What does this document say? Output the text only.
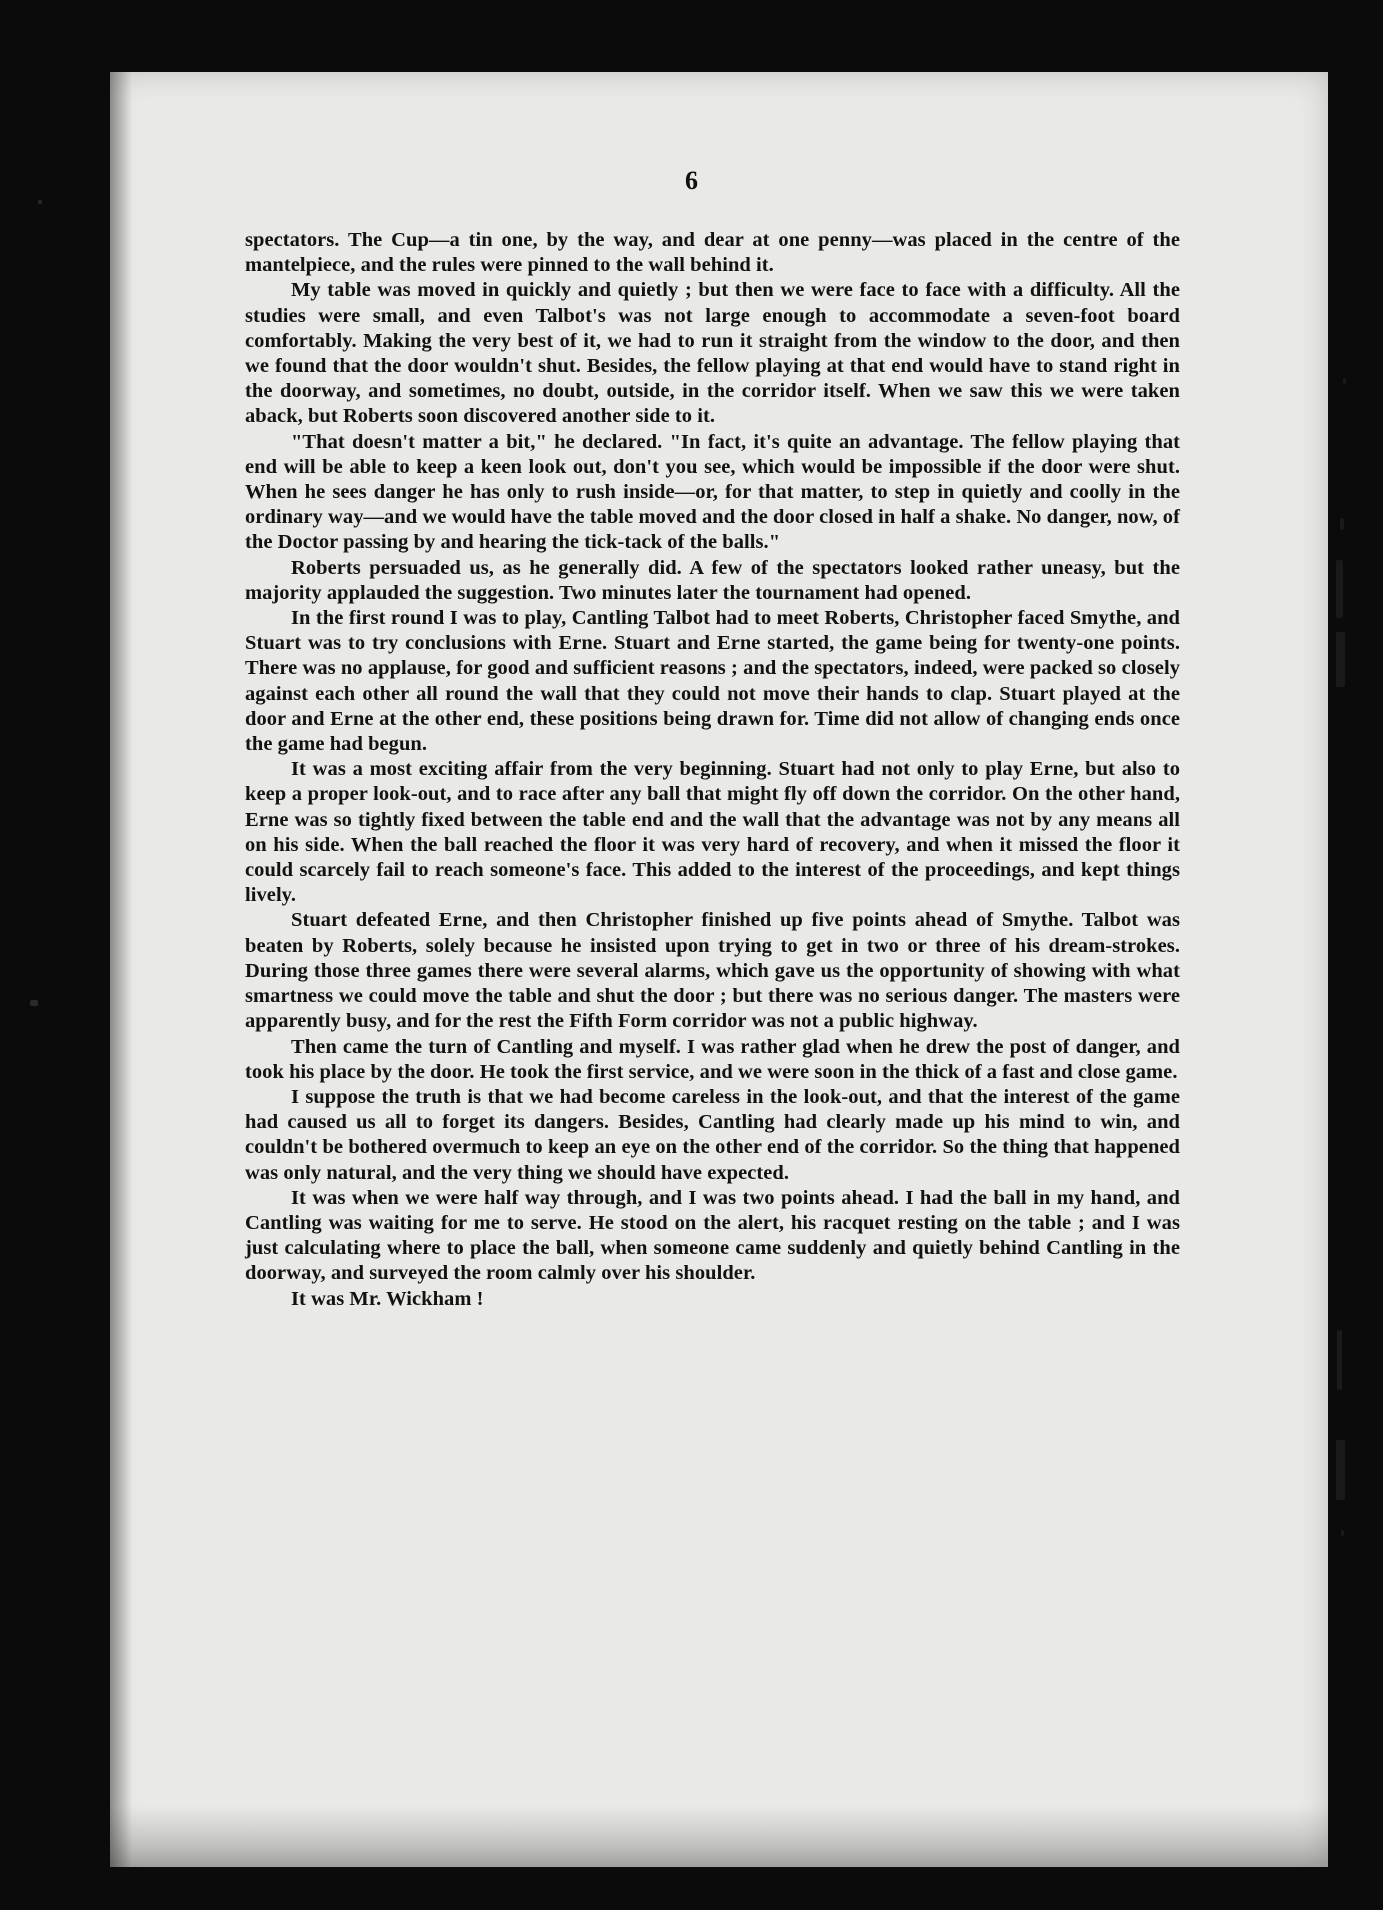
6

spectators. The Cup—a tin one, by the way, and dear at one penny—was placed in the centre of the mantelpiece, and the rules were pinned to the wall behind it.

My table was moved in quickly and quietly ; but then we were face to face with a difficulty. All the studies were small, and even Talbot's was not large enough to accommodate a seven-foot board comfortably. Making the very best of it, we had to run it straight from the window to the door, and then we found that the door wouldn't shut. Besides, the fellow playing at that end would have to stand right in the doorway, and sometimes, no doubt, outside, in the corridor itself. When we saw this we were taken aback, but Roberts soon discovered another side to it.

"That doesn't matter a bit," he declared. "In fact, it's quite an advantage. The fellow playing that end will be able to keep a keen look out, don't you see, which would be impossible if the door were shut. When he sees danger he has only to rush inside—or, for that matter, to step in quietly and coolly in the ordinary way—and we would have the table moved and the door closed in half a shake. No danger, now, of the Doctor passing by and hearing the tick-tack of the balls."

Roberts persuaded us, as he generally did. A few of the spectators looked rather uneasy, but the majority applauded the suggestion. Two minutes later the tournament had opened.

In the first round I was to play, Cantling Talbot had to meet Roberts, Christopher faced Smythe, and Stuart was to try conclusions with Erne. Stuart and Erne started, the game being for twenty-one points. There was no applause, for good and sufficient reasons ; and the spectators, indeed, were packed so closely against each other all round the wall that they could not move their hands to clap. Stuart played at the door and Erne at the other end, these positions being drawn for. Time did not allow of changing ends once the game had begun.

It was a most exciting affair from the very beginning. Stuart had not only to play Erne, but also to keep a proper look-out, and to race after any ball that might fly off down the corridor. On the other hand, Erne was so tightly fixed between the table end and the wall that the advantage was not by any means all on his side. When the ball reached the floor it was very hard of recovery, and when it missed the floor it could scarcely fail to reach someone's face. This added to the interest of the proceedings, and kept things lively.

Stuart defeated Erne, and then Christopher finished up five points ahead of Smythe. Talbot was beaten by Roberts, solely because he insisted upon trying to get in two or three of his dream-strokes. During those three games there were several alarms, which gave us the opportunity of showing with what smartness we could move the table and shut the door ; but there was no serious danger. The masters were apparently busy, and for the rest the Fifth Form corridor was not a public highway.

Then came the turn of Cantling and myself. I was rather glad when he drew the post of danger, and took his place by the door. He took the first service, and we were soon in the thick of a fast and close game.

I suppose the truth is that we had become careless in the look-out, and that the interest of the game had caused us all to forget its dangers. Besides, Cantling had clearly made up his mind to win, and couldn't be bothered overmuch to keep an eye on the other end of the corridor. So the thing that happened was only natural, and the very thing we should have expected.

It was when we were half way through, and I was two points ahead. I had the ball in my hand, and Cantling was waiting for me to serve. He stood on the alert, his racquet resting on the table ; and I was just calculating where to place the ball, when someone came suddenly and quietly behind Cantling in the doorway, and surveyed the room calmly over his shoulder.

It was Mr. Wickham !
